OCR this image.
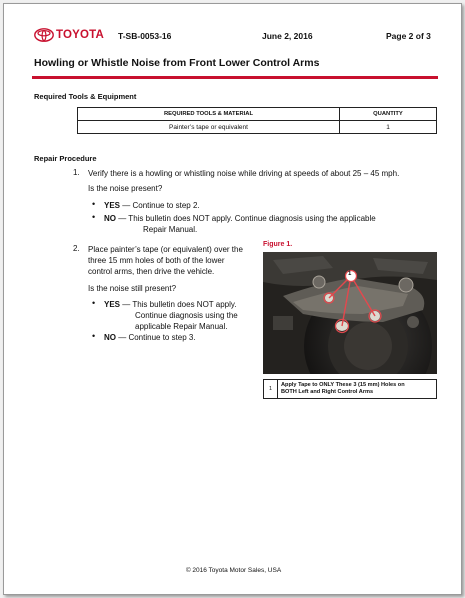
TOYOTA T-SB-0053-16	June 2, 2016	Page 2 of 3
Howling or Whistle Noise from Front Lower Control Arms
Required Tools & Equipment
REQUIRED TOOLS & MATERIAL	QUANTITY
Painter’s tape or equivalent	1
Repair Procedure
1. Verify there is a howling or whistling noise while driving at speeds of about 25 – 45 mph.
Is the noise present?
• YES — Continue to step 2.
• NO — This bulletin does NOT apply. Continue diagnosis using the applicable
Repair Manual.
2. Place painter’s tape (or equivalent) over the
three 15 mm holes of both of the lower
control arms, then drive the vehicle.
Is the noise still present?
• YES — This bulletin does NOT apply.
Continue diagnosis using the
applicable Repair Manual.
• NO — Continue to step 3.
Figure 1.
1
1	
Apply Tape to ONLY These 3 (15 mm) Holes on
BOTH Left and Right Control Arms
© 2016 Toyota Motor Sales, USA
